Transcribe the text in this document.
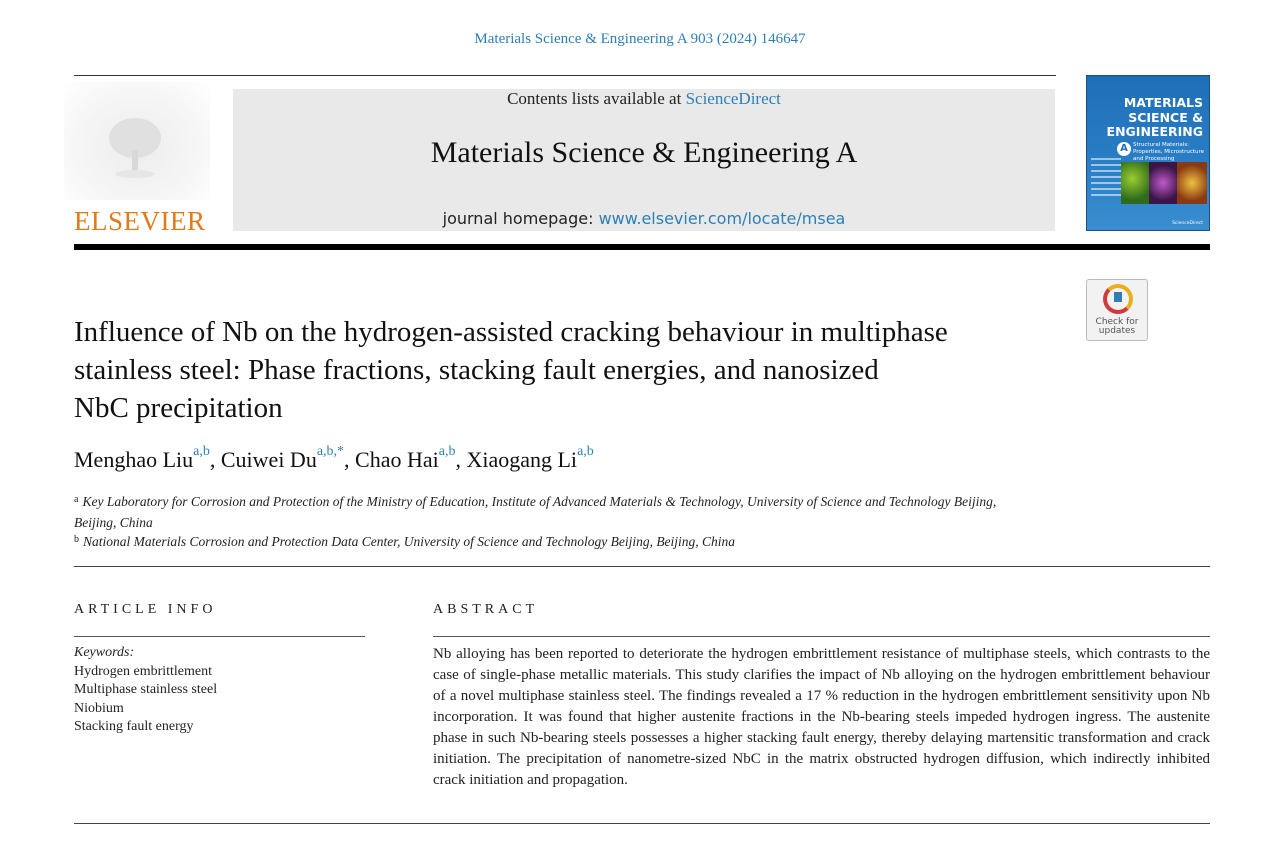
Materials Science & Engineering A 903 (2024) 146647
ELSEVIER
Contents lists available at ScienceDirect
Materials Science & Engineering A
journal homepage: www.elsevier.com/locate/msea
MATERIALS
SCIENCE &
ENGINEERING
A Structural Materials: Properties, Microstructure and Processing
ScienceDirect
Check for
updates
Influence of Nb on the hydrogen-assisted cracking behaviour in multiphase
stainless steel: Phase fractions, stacking fault energies, and nanosized
NbC precipitation
Menghao Liu$^{a,b}$, Cuiwei $Du^{a,b,*}$, Chao Hai$^{a,b}$, Xiaogang Li$^{a,b}$
$^a$ Key Laboratory for Corrosion and Protection of the Ministry of Education, Institute of Advanced Materials & Technology, University of Science and Technology Beijing,
Beijing, China
$^b$ National Materials Corrosion and Protection Data Center, University of Science and Technology Beijing, Beijing, China
ARTICLE INFO	ABSTRACT
Keywords:
Hydrogen embrittlement
Multiphase stainless steel
Niobium
Stacking fault energy
Nb alloying has been reported to deteriorate the hydrogen embrittlement resistance of multiphase steels, which contrasts to the case of single-phase metallic materials. This study clarifies the impact of Nb alloying on the hydrogen embrittlement behaviour of a novel multiphase stainless steel. The findings revealed a 17 % reduction in the hydrogen embrittlement sensitivity upon Nb incorporation. It was found that higher austenite fractions in the Nb-bearing steels impeded hydrogen ingress. The austenite phase in such Nb-bearing steels possesses a higher stacking fault energy, thereby delaying martensitic transformation and crack initiation. The precipitation of nanometre-sized NbC in the matrix obstructed hydrogen diffusion, which indirectly inhibited crack initiation and propagation.
